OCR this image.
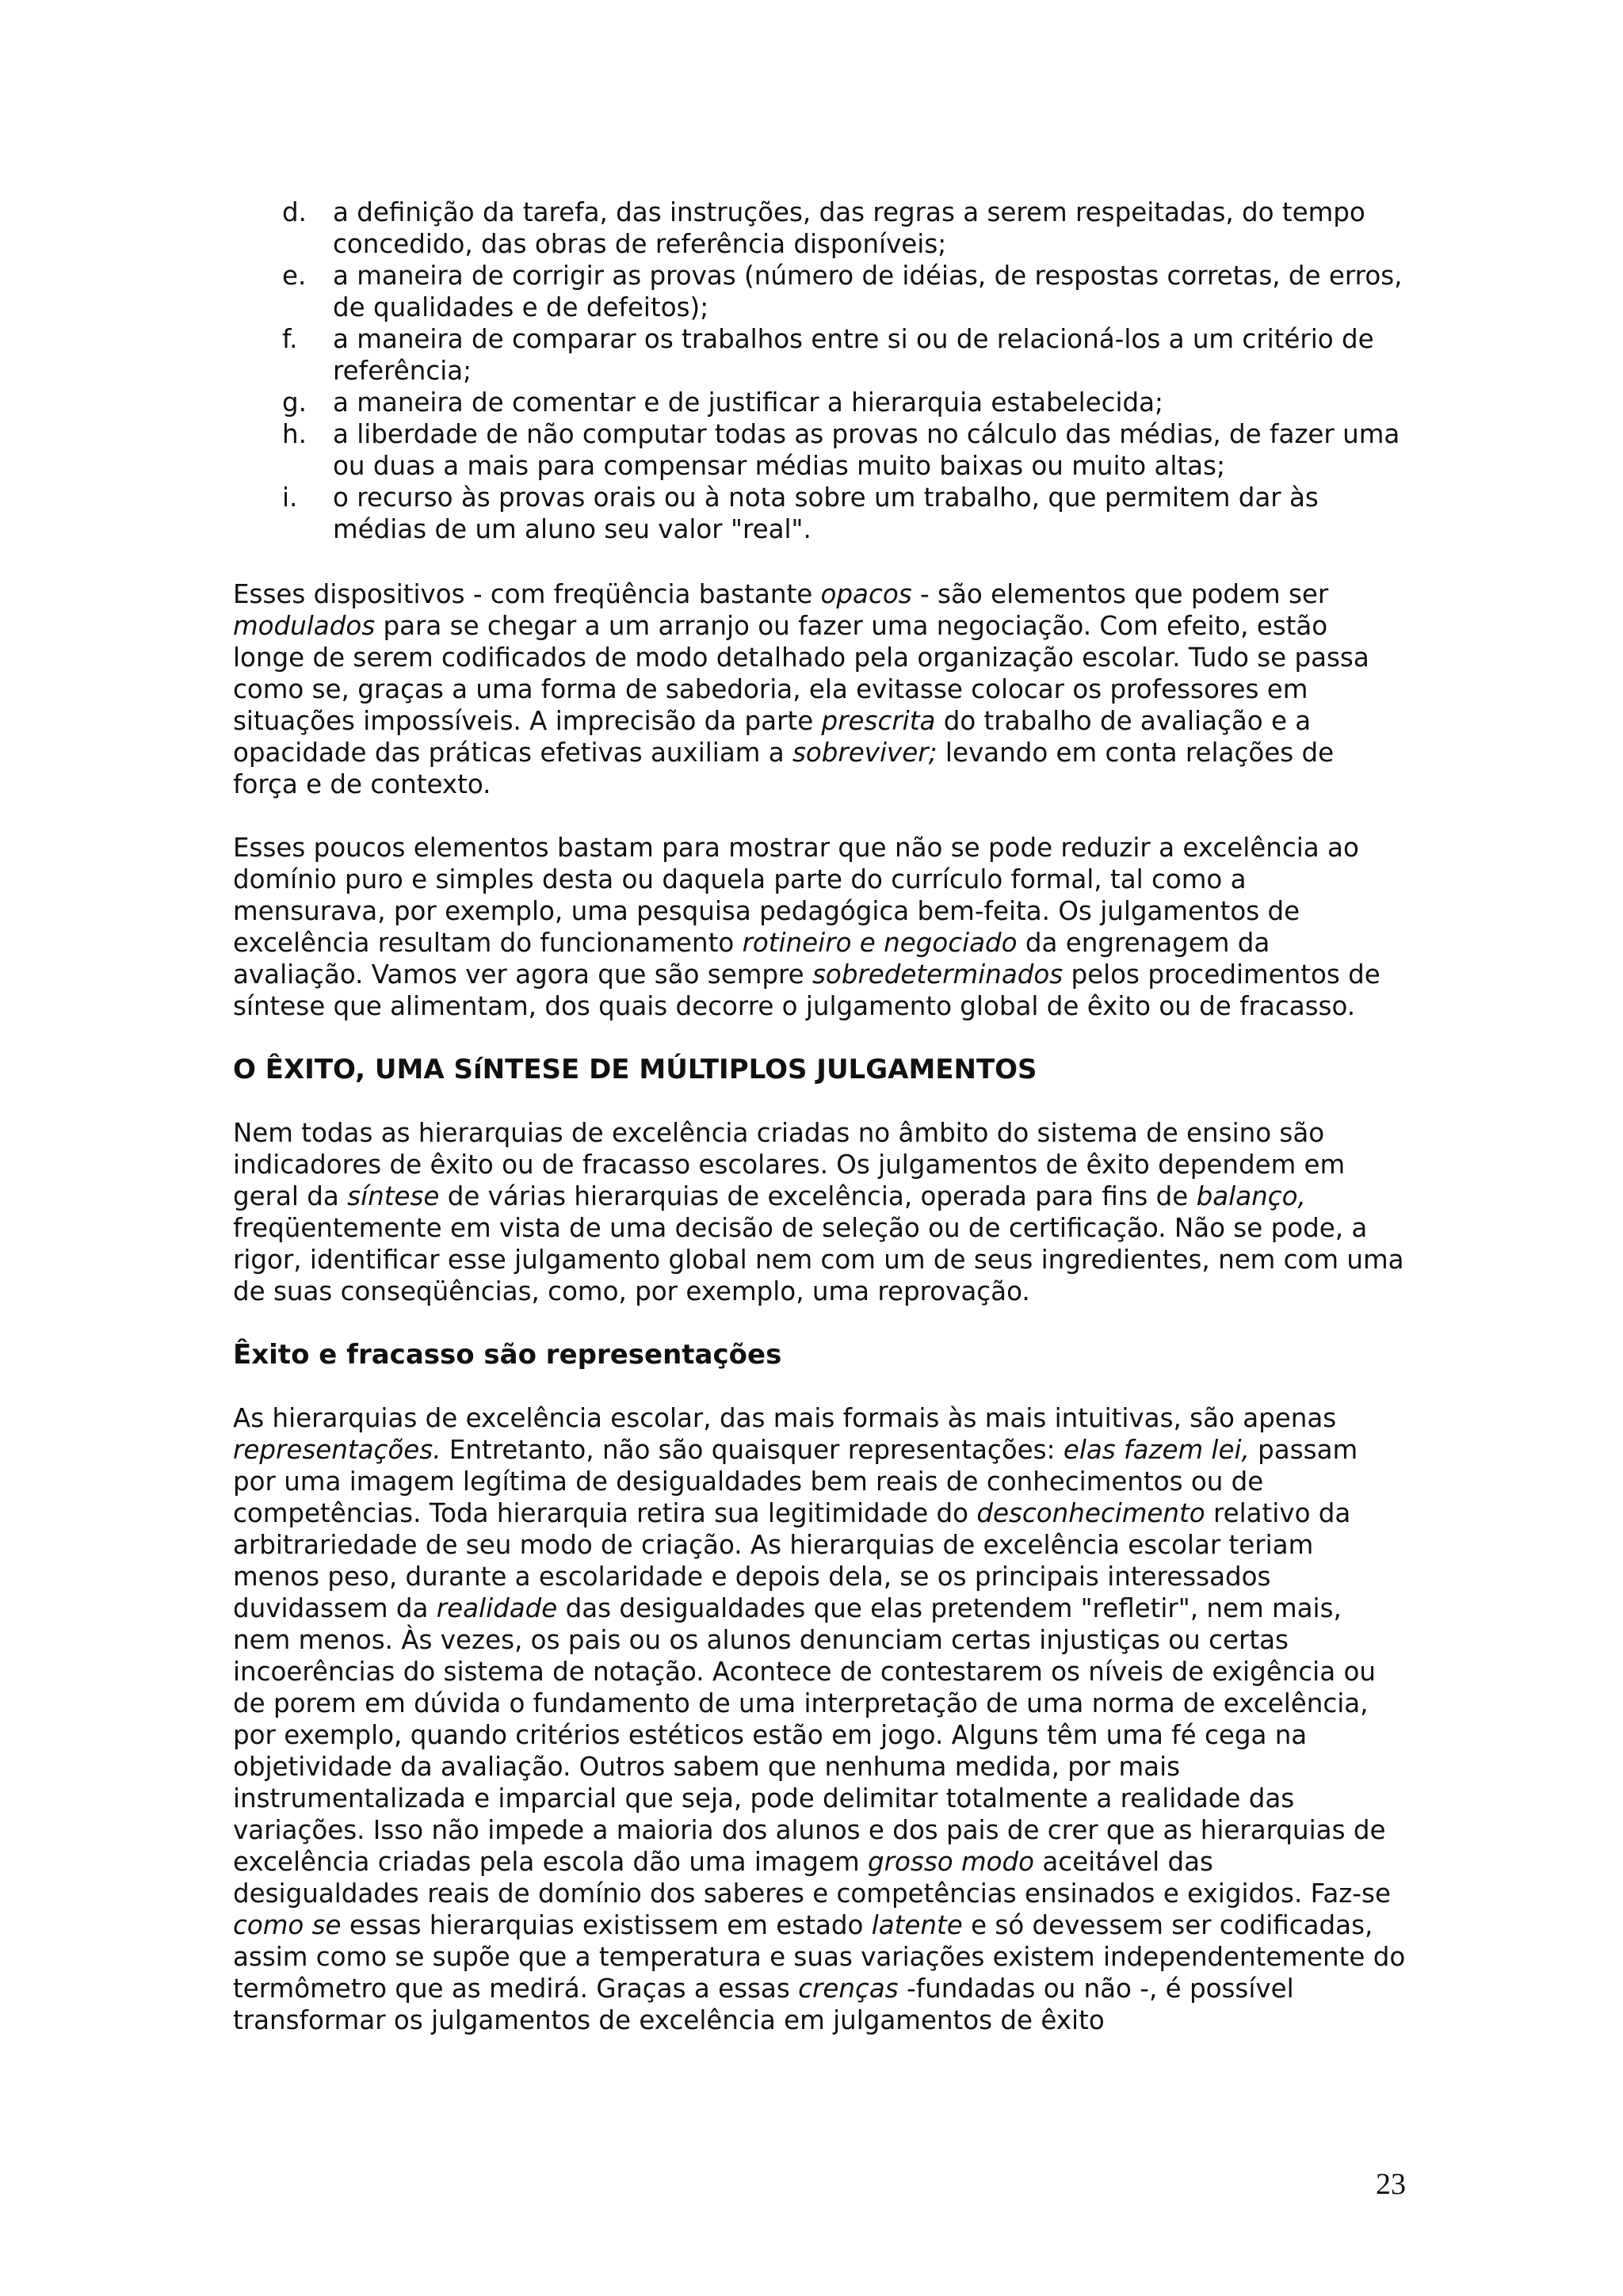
d. a definição da tarefa, das instruções, das regras a serem respeitadas, do tempo concedido, das obras de referência disponíveis;
e. a maneira de corrigir as provas (número de idéias, de respostas corretas, de erros, de qualidades e de defeitos);
f. a maneira de comparar os trabalhos entre si ou de relacioná-los a um critério de referência;
g. a maneira de comentar e de justificar a hierarquia estabelecida;
h. a liberdade de não computar todas as provas no cálculo das médias, de fazer uma ou duas a mais para compensar médias muito baixas ou muito altas;
i. o recurso às provas orais ou à nota sobre um trabalho, que permitem dar às médias de um aluno seu valor "real".

Esses dispositivos - com freqüência bastante opacos - são elementos que podem ser modulados para se chegar a um arranjo ou fazer uma negociação. Com efeito, estão longe de serem codificados de modo detalhado pela organização escolar. Tudo se passa como se, graças a uma forma de sabedoria, ela evitasse colocar os professores em situações impossíveis. A imprecisão da parte prescrita do trabalho de avaliação e a opacidade das práticas efetivas auxiliam a sobreviver; levando em conta relações de força e de contexto.

Esses poucos elementos bastam para mostrar que não se pode reduzir a excelência ao domínio puro e simples desta ou daquela parte do currículo formal, tal como a mensurava, por exemplo, uma pesquisa pedagógica bem-feita. Os julgamentos de excelência resultam do funcionamento rotineiro e negociado da engrenagem da avaliação. Vamos ver agora que são sempre sobredeterminados pelos procedimentos de síntese que alimentam, dos quais decorre o julgamento global de êxito ou de fracasso.

O ÊXITO, UMA SíNTESE DE MÚLTIPLOS JULGAMENTOS

Nem todas as hierarquias de excelência criadas no âmbito do sistema de ensino são indicadores de êxito ou de fracasso escolares. Os julgamentos de êxito dependem em geral da síntese de várias hierarquias de excelência, operada para fins de balanço, freqüentemente em vista de uma decisão de seleção ou de certificação. Não se pode, a rigor, identificar esse julgamento global nem com um de seus ingredientes, nem com uma de suas conseqüências, como, por exemplo, uma reprovação.

Êxito e fracasso são representações

As hierarquias de excelência escolar, das mais formais às mais intuitivas, são apenas representações. Entretanto, não são quaisquer representações: elas fazem lei, passam por uma imagem legítima de desigualdades bem reais de conhecimentos ou de competências. Toda hierarquia retira sua legitimidade do desconhecimento relativo da arbitrariedade de seu modo de criação. As hierarquias de excelência escolar teriam menos peso, durante a escolaridade e depois dela, se os principais interessados duvidassem da realidade das desigualdades que elas pretendem "refletir", nem mais, nem menos. Às vezes, os pais ou os alunos denunciam certas injustiças ou certas incoerências do sistema de notação. Acontece de contestarem os níveis de exigência ou de porem em dúvida o fundamento de uma interpretação de uma norma de excelência, por exemplo, quando critérios estéticos estão em jogo. Alguns têm uma fé cega na objetividade da avaliação. Outros sabem que nenhuma medida, por mais instrumentalizada e imparcial que seja, pode delimitar totalmente a realidade das variações. Isso não impede a maioria dos alunos e dos pais de crer que as hierarquias de excelência criadas pela escola dão uma imagem grosso modo aceitável das desigualdades reais de domínio dos saberes e competências ensinados e exigidos. Faz-se como se essas hierarquias existissem em estado latente e só devessem ser codificadas, assim como se supõe que a temperatura e suas variações existem independentemente do termômetro que as medirá. Graças a essas crenças -fundadas ou não -, é possível transformar os julgamentos de excelência em julgamentos de êxito

23
